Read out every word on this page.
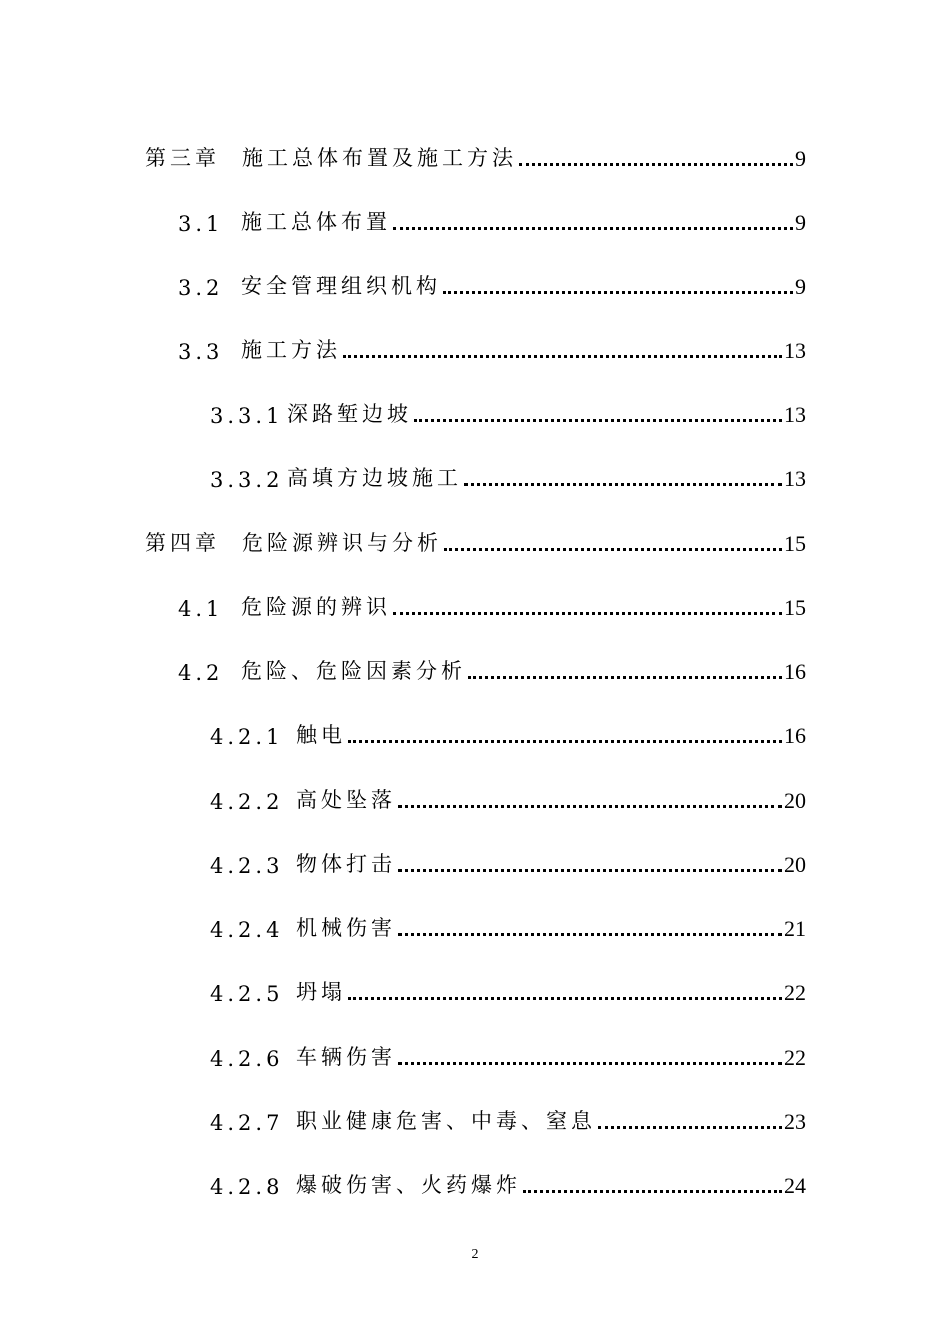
第三章	施工总体布置及施工方法	9
3.1 施工总体布置	9
3.2 安全管理组织机构	9
3.3 施工方法	13
3.3.1 深路堑边坡	13
3.3.2 高填方边坡施工	13
第四章	危险源辨识与分析	15
4.1 危险源的辨识	15
4.2 危险、危险因素分析	16
4.2.1 触电	16
4.2.2 高处坠落	20
4.2.3 物体打击	20
4.2.4 机械伤害	21
4.2.5 坍塌	22
4.2.6 车辆伤害	22
4.2.7 职业健康危害、中毒、窒息	23
4.2.8 爆破伤害、火药爆炸	24
2
